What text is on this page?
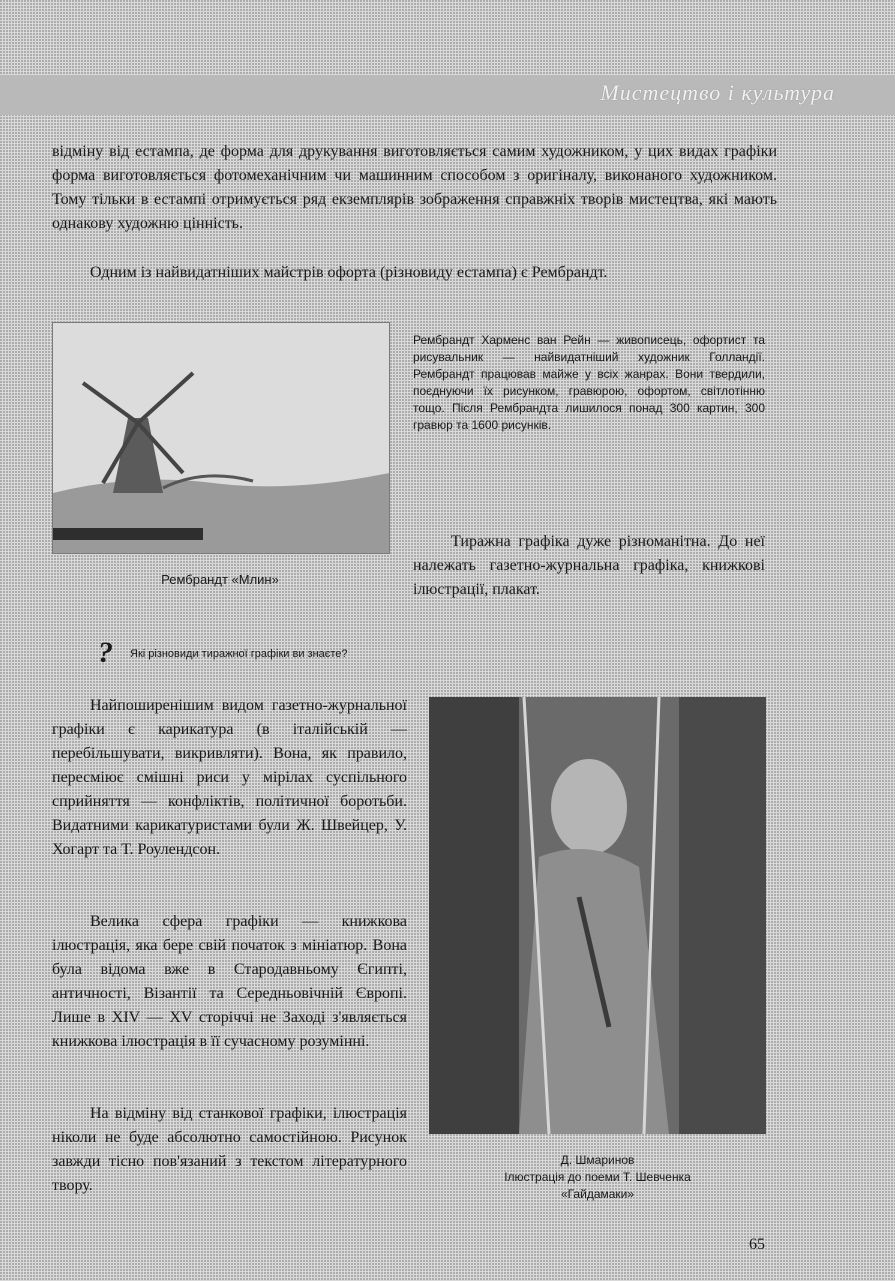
Мистецтво і культура
відміну від естампа, де форма для друкування виготовляється самим художником, у цих видах графіки форма виготовляється фотомеханічним чи машинним способом з оригіналу, виконаного художником. Тому тільки в естампі отримується ряд екземплярів зображення справжніх творів мистецтва, які мають однакову художню цінність.
Одним із найвидатніших майстрів офорта (різновиду естампа) є Рембрандт.
Рембрандт «Млин»
Рембрандт Харменс ван Рейн — живописець, офортист та рисувальник — найвидатніший художник Голландії. Рембрандт працював майже у всіх жанрах. Вони твердили, поєднуючи їх рисунком, гравюрою, офортом, світлотінню тощо. Після Рембрандта лишилося понад 300 картин, 300 гравюр та 1600 рисунків.
Тиражна графіка дуже різноманітна. До неї належать газетно-журнальна графіка, книжкові ілюстрації, плакат.
? Які різновиди тиражної графіки ви знаєте?
Найпоширенішим видом газетно-журнальної графіки є карикатура (в італійській — перебільшувати, викривляти). Вона, як правило, пересміює смішні риси у мірілах суспільного сприйняття — конфліктів, політичної боротьби. Видатними карикатуристами були Ж. Швейцер, У. Хогарт та Т. Роулендсон.
Велика сфера графіки — книжкова ілюстрація, яка бере свій початок з мініатюр. Вона була відома вже в Стародавньому Єгипті, античності, Візантії та Середньовічній Європі. Лише в XIV — XV сторіччі не Заході з'являється книжкова ілюстрація в її сучасному розумінні.
На відміну від станкової графіки, ілюстрація ніколи не буде абсолютно самостійною. Рисунок завжди тісно пов'язаний з текстом літературного твору.
Д. Шмаринов
Ілюстрація до поеми Т. Шевченка
«Гайдамаки»
65
